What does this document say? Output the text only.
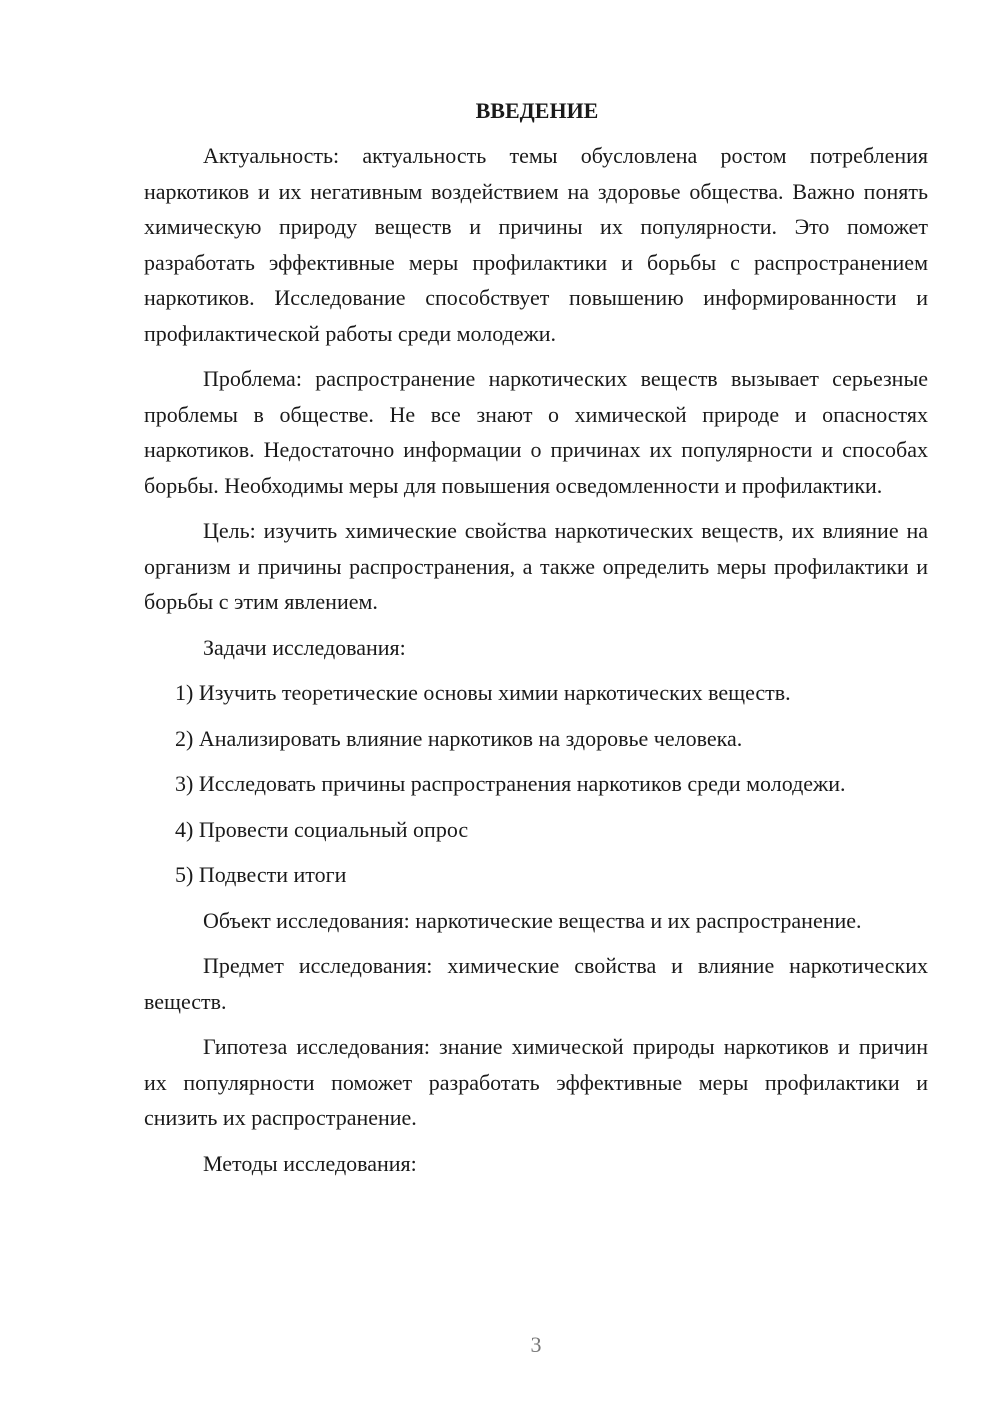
ВВЕДЕНИЕ

Актуальность: актуальность темы обусловлена ростом потребления наркотиков и их негативным воздействием на здоровье общества. Важно понять химическую природу веществ и причины их популярности. Это поможет разработать эффективные меры профилактики и борьбы с распространением наркотиков. Исследование способствует повышению информированности и профилактической работы среди молодежи.

Проблема: распространение наркотических веществ вызывает серьезные проблемы в обществе. Не все знают о химической природе и опасностях наркотиков. Недостаточно информации о причинах их популярности и способах борьбы. Необходимы меры для повышения осведомленности и профилактики.

Цель: изучить химические свойства наркотических веществ, их влияние на организм и причины распространения, а также определить меры профилактики и борьбы с этим явлением.

Задачи исследования:

1) Изучить теоретические основы химии наркотических веществ.

2) Анализировать влияние наркотиков на здоровье человека.

3) Исследовать причины распространения наркотиков среди молодежи.

4) Провести социальный опрос

5) Подвести итоги

Объект исследования: наркотические вещества и их распространение.

Предмет исследования: химические свойства и влияние наркотических веществ.

Гипотеза исследования: знание химической природы наркотиков и причин их популярности поможет разработать эффективные меры профилактики и снизить их распространение.

Методы исследования:

3
